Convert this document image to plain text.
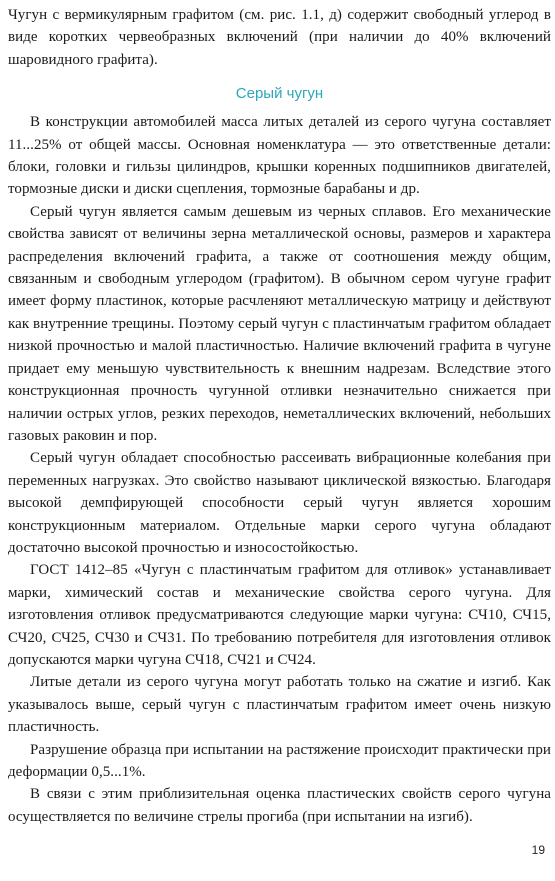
Чугун с вермикулярным графитом (см. рис. 1.1, д) содержит свободный углерод в виде коротких червеобразных включений (при наличии до 40% включений шаровидного графита).

Серый чугун

В конструкции автомобилей масса литых деталей из серого чугуна составляет 11...25% от общей массы. Основная номенклатура — это ответственные детали: блоки, головки и гильзы цилиндров, крышки коренных подшипников двигателей, тормозные диски и диски сцепления, тормозные барабаны и др.

Серый чугун является самым дешевым из черных сплавов. Его механические свойства зависят от величины зерна металлической основы, размеров и характера распределения включений графита, а также от соотношения между общим, связанным и свободным углеродом (графитом). В обычном сером чугуне графит имеет форму пластинок, которые расчленяют металлическую матрицу и действуют как внутренние трещины. Поэтому серый чугун с пластинчатым графитом обладает низкой прочностью и малой пластичностью. Наличие включений графита в чугуне придает ему меньшую чувствительность к внешним надрезам. Вследствие этого конструкционная прочность чугунной отливки незначительно снижается при наличии острых углов, резких переходов, неметаллических включений, небольших газовых раковин и пор.

Серый чугун обладает способностью рассеивать вибрационные колебания при переменных нагрузках. Это свойство называют циклической вязкостью. Благодаря высокой демпфирующей способности серый чугун является хорошим конструкционным материалом. Отдельные марки серого чугуна обладают достаточно высокой прочностью и износостойкостью.

ГОСТ 1412–85 «Чугун с пластинчатым графитом для отливок» устанавливает марки, химический состав и механические свойства серого чугуна. Для изготовления отливок предусматриваются следующие марки чугуна: СЧ10, СЧ15, СЧ20, СЧ25, СЧ30 и СЧ31. По требованию потребителя для изготовления отливок допускаются марки чугуна СЧ18, СЧ21 и СЧ24.

Литые детали из серого чугуна могут работать только на сжатие и изгиб. Как указывалось выше, серый чугун с пластинчатым графитом имеет очень низкую пластичность.

Разрушение образца при испытании на растяжение происходит практически при деформации 0,5...1%.

В связи с этим приблизительная оценка пластических свойств серого чугуна осуществляется по величине стрелы прогиба (при испытании на изгиб).

19
